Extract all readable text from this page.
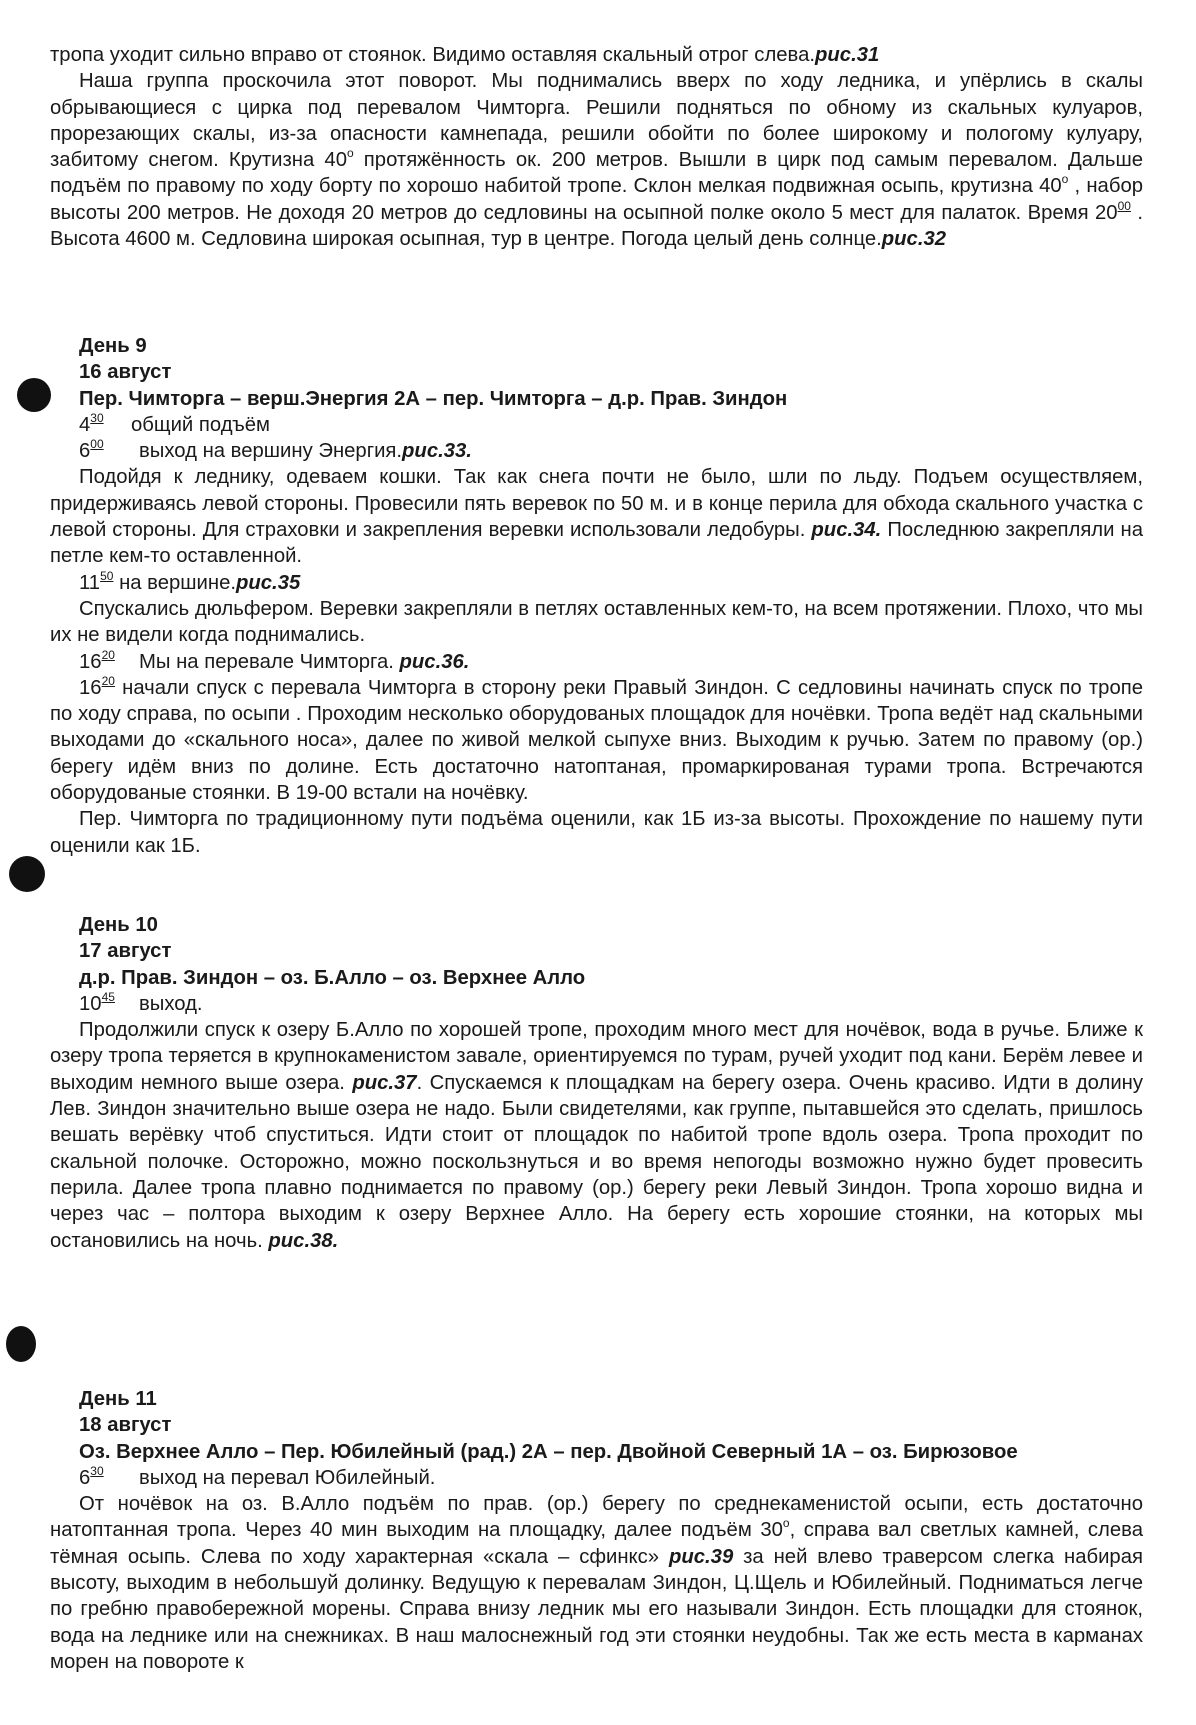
тропа уходит сильно вправо от стоянок. Видимо оставляя скальный отрог слева.рис.31

Наша группа проскочила этот поворот. Мы поднимались вверх по ходу ледника, и упёрлись в скалы обрывающиеся с цирка под перевалом Чимторга. Решили подняться по обному из скальных кулуаров, прорезающих скалы, из-за опасности камнепада, решили обойти по более широкому и пологому кулуару, забитому снегом. Крутизна 40$^o$ протяжённость ок. 200 метров. Вышли в цирк под самым перевалом. Дальше подъём по правому по ходу борту по хорошо набитой тропе. Склон мелкая подвижная осыпь, крутизна 40$^o$ , набор высоты 200 метров. Не доходя 20 метров до седловины на осыпной полке около 5 мест для палаток. Время $20^{00}$ . Высота 4600 м. Седловина широкая осыпная, тур в центре. Погода целый день солнце.рис.32

День 9

16 август

Пер. Чимторга – верш.Энергия 2А – пер. Чимторга – д.р. Прав. Зиндон

$4^{30}$ общий подъём

$6^{00}$ выход на вершину Энергия.рис.33.

Подойдя к леднику, одеваем кошки. Так как снега почти не было, шли по льду. Подъем осуществляем, придерживаясь левой стороны. Провесили пять веревок по 50 м. и в конце перила для обхода скального участка с левой стороны. Для страховки и закрепления веревки использовали ледобуры. рис.34. Последнюю закрепляли на петле кем-то оставленной.

$11^{50}$ на вершине.рис.35

Спускались дюльфером. Веревки закрепляли в петлях оставленных кем-то, на всем протяжении. Плохо, что мы их не видели когда поднимались.

$16^{20}$ Мы на перевале Чимторга. рис.36.

$16^{20}$ начали спуск с перевала Чимторга в сторону реки Правый Зиндон. С седловины начинать спуск по тропе по ходу справа, по осыпи . Проходим несколько оборудованых площадок для ночёвки. Тропа ведёт над скальными выходами до «скального носа», далее по живой мелкой сыпухе вниз. Выходим к ручью. Затем по правому (ор.) берегу идём вниз по долине. Есть достаточно натоптаная, промаркированая турами тропа. Встречаются оборудованые стоянки. В 19-00 встали на ночёвку.

Пер. Чимторга по традиционному пути подъёма оценили, как 1Б из-за высоты. Прохождение по нашему пути оценили как 1Б.

День 10

17 август

д.р. Прав. Зиндон – оз. Б.Алло – оз. Верхнее Алло

$10^{45}$ выход.

Продолжили спуск к озеру Б.Алло по хорошей тропе, проходим много мест для ночёвок, вода в ручье. Ближе к озеру тропа теряется в крупнокаменистом завале, ориентируемся по турам, ручей уходит под кани. Берём левее и выходим немного выше озера. рис.37. Спускаемся к площадкам на берегу озера. Очень красиво. Идти в долину Лев. Зиндон значительно выше озера не надо. Были свидетелями, как группе, пытавшейся это сделать, пришлось вешать верёвку чтоб спуститься. Идти стоит от площадок по набитой тропе вдоль озера. Тропа проходит по скальной полочке. Осторожно, можно поскользнуться и во время непогоды возможно нужно будет провесить перила. Далее тропа плавно поднимается по правому (ор.) берегу реки Левый Зиндон. Тропа хорошо видна и через час – полтора выходим к озеру Верхнее Алло. На берегу есть хорошие стоянки, на которых мы остановились на ночь. рис.38.

День 11

18 август

Оз. Верхнее Алло – Пер. Юбилейный (рад.) 2А – пер. Двойной Северный 1А – оз. Бирюзовое

$6^{30}$ выход на перевал Юбилейный.

От ночёвок на оз. В.Алло подъём по прав. (ор.) берегу по среднекаменистой осыпи, есть достаточно натоптанная тропа. Через 40 мин выходим на площадку, далее подъём 30$^o$, справа вал светлых камней, слева тёмная осыпь. Слева по ходу характерная «скала – сфинкс» рис.39 за ней влево траверсом слегка набирая высоту, выходим в небольшуй долинку. Ведущую к перевалам Зиндон, Ц.Щель и Юбилейный. Подниматься легче по гребню правобережной морены. Справа внизу ледник мы его называли Зиндон. Есть площадки для стоянок, вода на леднике или на снежниках. В наш малоснежный год эти стоянки неудобны. Так же есть места в карманах морен на повороте к
